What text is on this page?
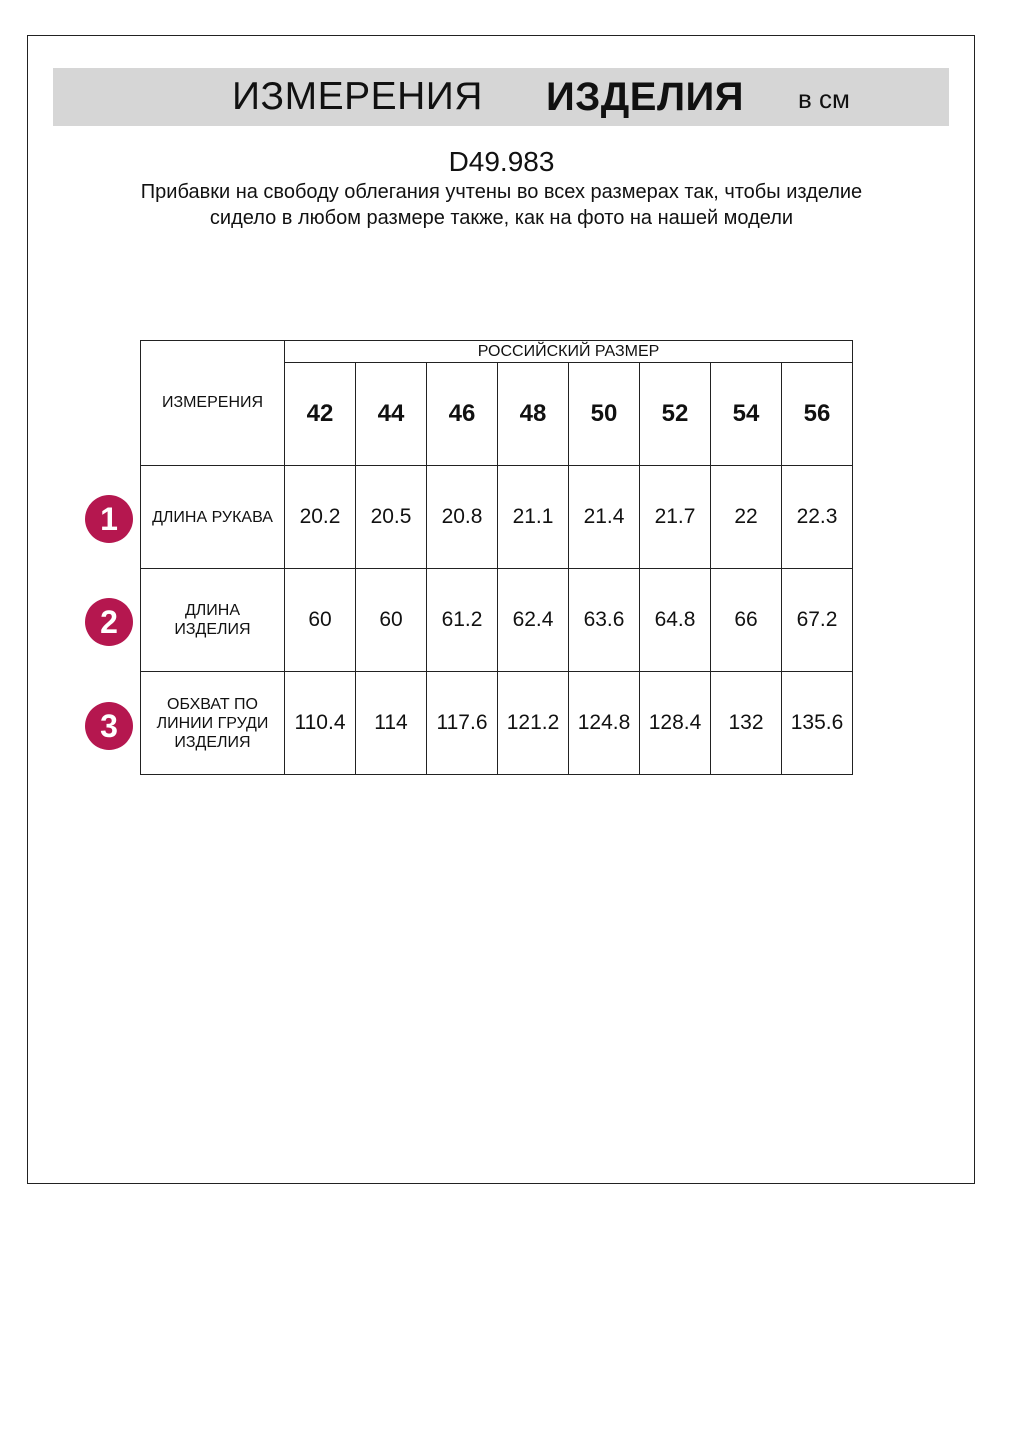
ИЗМЕРЕНИЯ ИЗДЕЛИЯ в см
D49.983
Прибавки на свободу облегания учтены во всех размерах так, чтобы изделие сидело в любом размере также, как на фото на нашей модели
ИЗМЕРЕНИЯ	РОССИЙСКИЙ РАЗМЕР							
	42	44	46	48	50	52	54	56
ДЛИНА РУКАВА	20.2	20.5	20.8	21.1	21.4	21.7	22	22.3

ДЛИНА ИЗДЕЛИЯ	60	60	61.2	62.4	63.6	64.8	66	67.2

ОБХВАТ ПО ЛИНИИ ГРУДИ ИЗДЕЛИЯ	110.4	114	117.6	121.2	124.8	128.4	132	135.6
1
2
3
